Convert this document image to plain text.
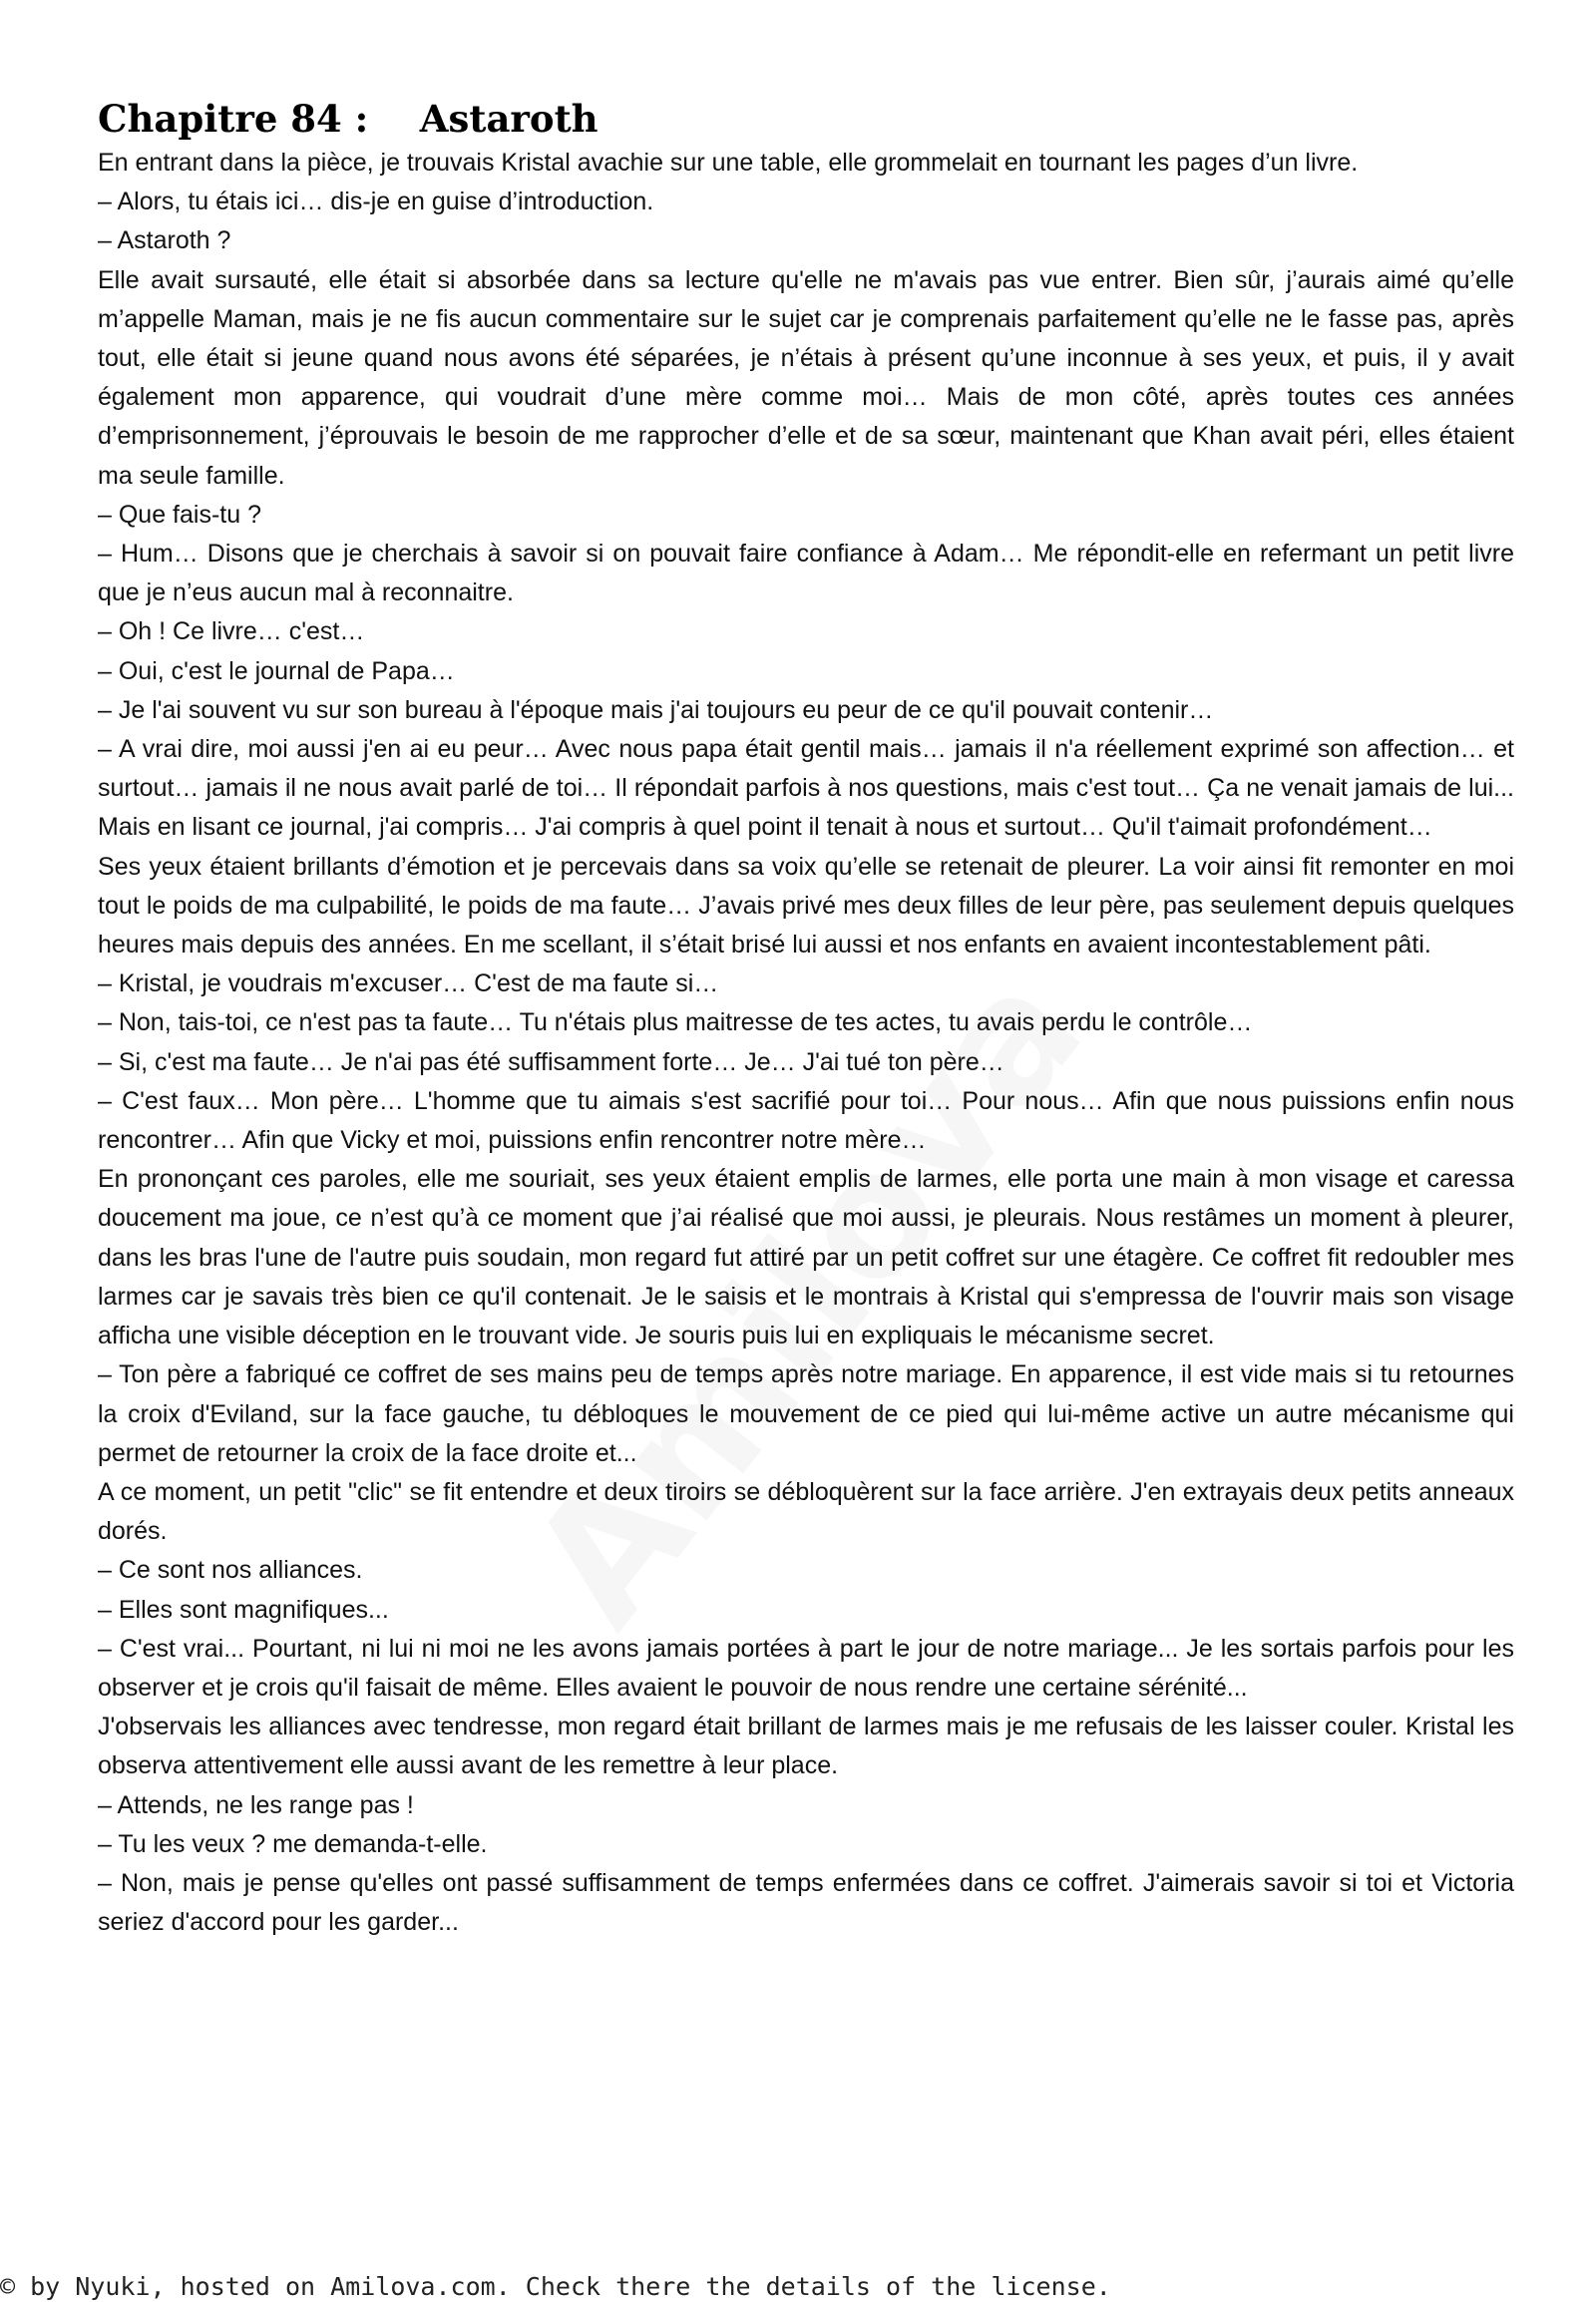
Chapitre 84 :    Astaroth

En entrant dans la pièce, je trouvais Kristal avachie sur une table, elle grommelait en tournant les pages d’un livre.

– Alors, tu étais ici… dis-je en guise d’introduction.

– Astaroth ?

Elle avait sursauté, elle était si absorbée dans sa lecture qu'elle ne m'avais pas vue entrer. Bien sûr, j’aurais aimé qu’elle m’appelle Maman, mais je ne fis aucun commentaire sur le sujet car je comprenais parfaitement qu’elle ne le fasse pas, après tout, elle était si jeune quand nous avons été séparées, je n’étais à présent qu’une inconnue à ses yeux, et puis, il y avait également mon apparence, qui voudrait d’une mère comme moi… Mais de mon côté, après toutes ces années d’emprisonnement, j’éprouvais le besoin de me rapprocher d’elle et de sa sœur, maintenant que Khan avait péri, elles étaient ma seule famille.

– Que fais-tu ?

– Hum… Disons que je cherchais à savoir si on pouvait faire confiance à Adam… Me répondit-elle en refermant un petit livre que je n’eus aucun mal à reconnaitre.

– Oh ! Ce livre… c'est…

– Oui, c'est le journal de Papa…

– Je l'ai souvent vu sur son bureau à l'époque mais j'ai toujours eu peur de ce qu'il pouvait contenir…

– A vrai dire, moi aussi j'en ai eu peur… Avec nous papa était gentil mais… jamais il n'a réellement exprimé son affection… et surtout… jamais il ne nous avait parlé de toi… Il répondait parfois à nos questions, mais c'est tout… Ça ne venait jamais de lui... Mais en lisant ce journal, j'ai compris… J'ai compris à quel point il tenait à nous et surtout… Qu'il t'aimait profondément…

Ses yeux étaient brillants d’émotion et je percevais dans sa voix qu’elle se retenait de pleurer. La voir ainsi fit remonter en moi tout le poids de ma culpabilité, le poids de ma faute… J’avais privé mes deux filles de leur père, pas seulement depuis quelques heures mais depuis des années. En me scellant, il s’était brisé lui aussi et nos enfants en avaient incontestablement pâti.

– Kristal, je voudrais m'excuser… C'est de ma faute si…

– Non, tais-toi, ce n'est pas ta faute… Tu n'étais plus maitresse de tes actes, tu avais perdu le contrôle…

– Si, c'est ma faute… Je n'ai pas été suffisamment forte… Je… J'ai tué ton père…

– C'est faux… Mon père… L'homme que tu aimais s'est sacrifié pour toi… Pour nous… Afin que nous puissions enfin nous rencontrer… Afin que Vicky et moi, puissions enfin rencontrer notre mère…

En prononçant ces paroles, elle me souriait, ses yeux étaient emplis de larmes, elle porta une main à mon visage et caressa doucement ma joue, ce n’est qu’à ce moment que j’ai réalisé que moi aussi, je pleurais. Nous restâmes un moment à pleurer, dans les bras l'une de l'autre puis soudain, mon regard fut attiré par un petit coffret sur une étagère. Ce coffret fit redoubler mes larmes car je savais très bien ce qu'il contenait. Je le saisis et le montrais à Kristal qui s'empressa de l'ouvrir mais son visage afficha une visible déception en le trouvant vide. Je souris puis lui en expliquais le mécanisme secret.

– Ton père a fabriqué ce coffret de ses mains peu de temps après notre mariage. En apparence, il est vide mais si tu retournes la croix d'Eviland, sur la face gauche, tu débloques le mouvement de ce pied qui lui-même active un autre mécanisme qui permet de retourner la croix de la face droite et...

A ce moment, un petit "clic" se fit entendre et deux tiroirs se débloquèrent sur la face arrière. J'en extrayais deux petits anneaux dorés.

– Ce sont nos alliances.

– Elles sont magnifiques...

– C'est vrai... Pourtant, ni lui ni moi ne les avons jamais portées à part le jour de notre mariage... Je les sortais parfois pour les observer et je crois qu'il faisait de même. Elles avaient le pouvoir de nous rendre une certaine sérénité...

J'observais les alliances avec tendresse, mon regard était brillant de larmes mais je me refusais de les laisser couler. Kristal les observa attentivement elle aussi avant de les remettre à leur place.

– Attends, ne les range pas !

– Tu les veux ? me demanda-t-elle.

– Non, mais je pense qu'elles ont passé suffisamment de temps enfermées dans ce coffret. J'aimerais savoir si toi et Victoria seriez d'accord pour les garder...

© by Nyuki, hosted on Amilova.com. Check there the details of the license.
